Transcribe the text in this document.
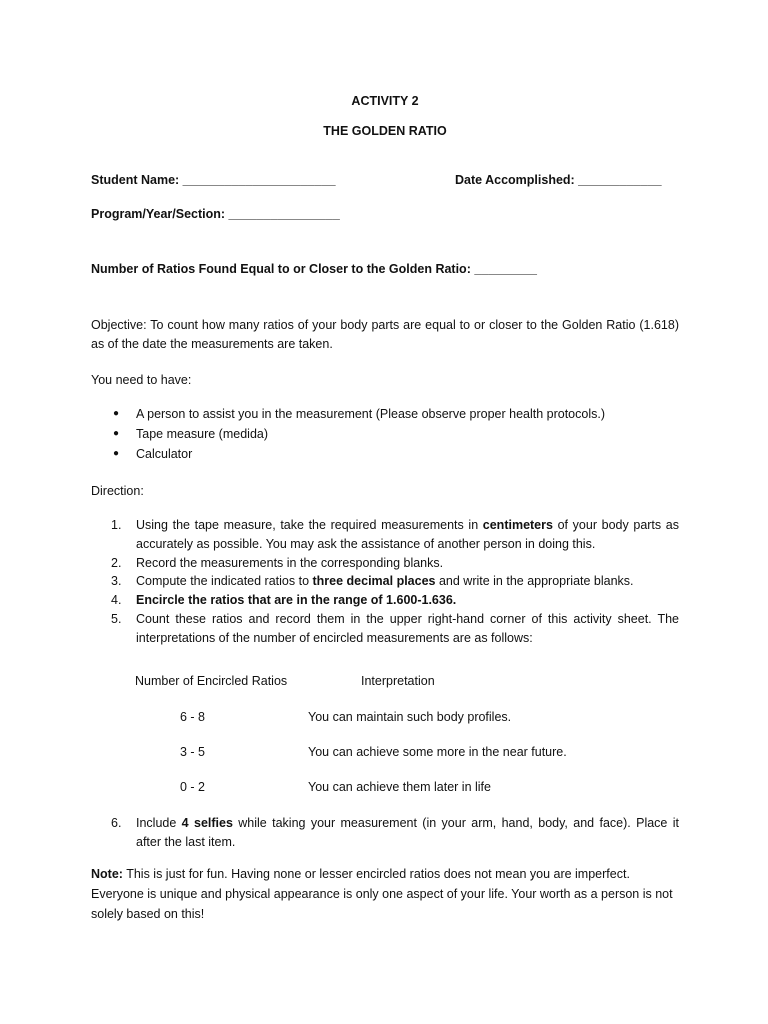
ACTIVITY 2
THE GOLDEN RATIO
Student Name: ______________________	Date Accomplished: ____________
Program/Year/Section: ________________
Number of Ratios Found Equal to or Closer to the Golden Ratio: _________
Objective: To count how many ratios of your body parts are equal to or closer to the Golden Ratio (1.618) as of the date the measurements are taken.
You need to have:
● A person to assist you in the measurement (Please observe proper health protocols.)
● Tape measure (medida)
● Calculator
Direction:
1. Using the tape measure, take the required measurements in centimeters of your body parts as accurately as possible. You may ask the assistance of another person in doing this.
2. Record the measurements in the corresponding blanks.
3. Compute the indicated ratios to three decimal places and write in the appropriate blanks.
4. Encircle the ratios that are in the range of 1.600-1.636.
5. Count these ratios and record them in the upper right-hand corner of this activity sheet. The interpretations of the number of encircled measurements are as follows:
Number of Encircled Ratios	Interpretation
6 - 8	You can maintain such body profiles.
3 - 5	You can achieve some more in the near future.
0 - 2	You can achieve them later in life
6. Include 4 selfies while taking your measurement (in your arm, hand, body, and face). Place it after the last item.
Note: This is just for fun. Having none or lesser encircled ratios does not mean you are imperfect. Everyone is unique and physical appearance is only one aspect of your life. Your worth as a person is not solely based on this!
